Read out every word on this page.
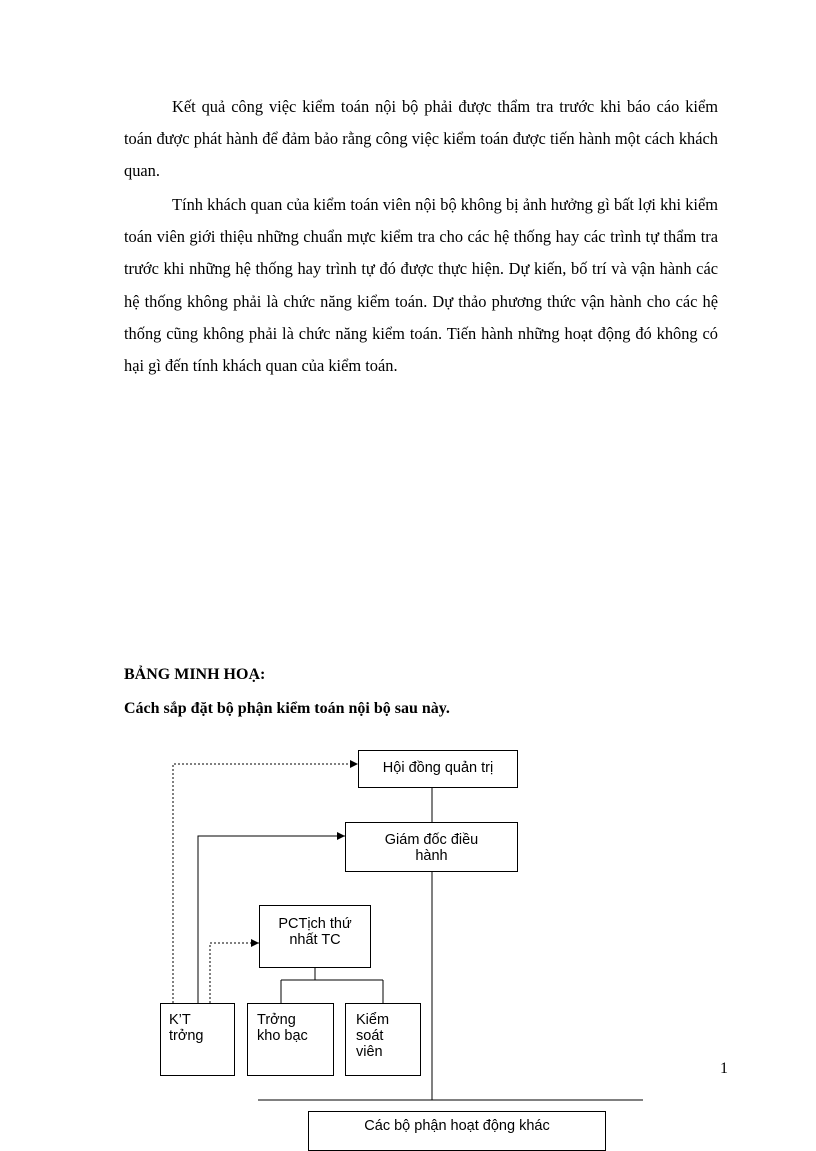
Kết quả công việc kiểm toán nội bộ phải được thẩm tra trước khi báo cáo kiểm toán được phát hành để đảm bảo rằng công việc kiểm toán được tiến hành một cách khách quan.

Tính khách quan của kiểm toán viên nội bộ không bị ảnh hưởng gì bất lợi khi kiểm toán viên giới thiệu những chuẩn mực kiểm tra cho các hệ thống hay các trình tự thẩm tra trước khi những hệ thống hay trình tự đó được thực hiện. Dự kiến, bố trí và vận hành các hệ thống không phải là chức năng kiểm toán. Dự thảo phương thức vận hành cho các hệ thống cũng không phải là chức năng kiểm toán. Tiến hành những hoạt động đó không có hại gì đến tính khách quan của kiểm toán.

BẢNG MINH HOẠ:

Cách sắp đặt bộ phận kiểm toán nội bộ sau này.

Hội đồng quản trị
Giám đốc điều
hành
PCTịch thứ
nhất TC
K’T
trởng
Trởng
kho bạc
Kiểm
soát
viên
Các bộ phận hoạt động khác
1
